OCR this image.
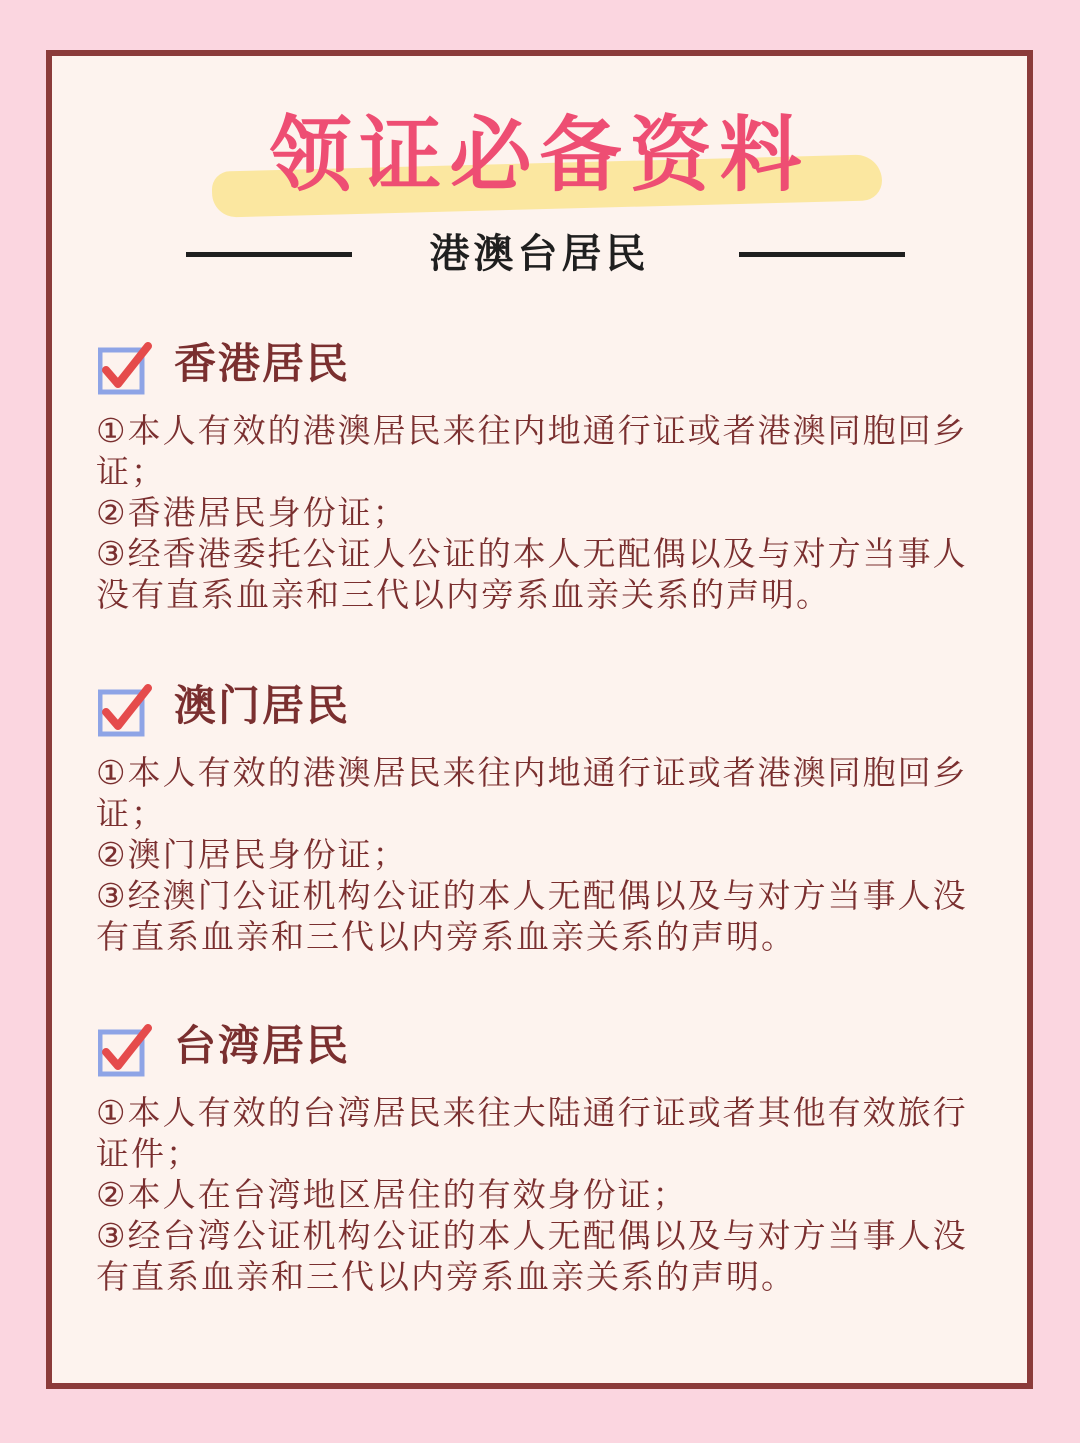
领证必备资料
港澳台居民
香港居民
①本人有效的港澳居民来往内地通行证或者港澳同胞回乡
证；
②香港居民身份证；
③经香港委托公证人公证的本人无配偶以及与对方当事人
没有直系血亲和三代以内旁系血亲关系的声明。
澳门居民
①本人有效的港澳居民来往内地通行证或者港澳同胞回乡
证；
②澳门居民身份证；
③经澳门公证机构公证的本人无配偶以及与对方当事人没
有直系血亲和三代以内旁系血亲关系的声明。
台湾居民
①本人有效的台湾居民来往大陆通行证或者其他有效旅行
证件；
②本人在台湾地区居住的有效身份证；
③经台湾公证机构公证的本人无配偶以及与对方当事人没
有直系血亲和三代以内旁系血亲关系的声明。
